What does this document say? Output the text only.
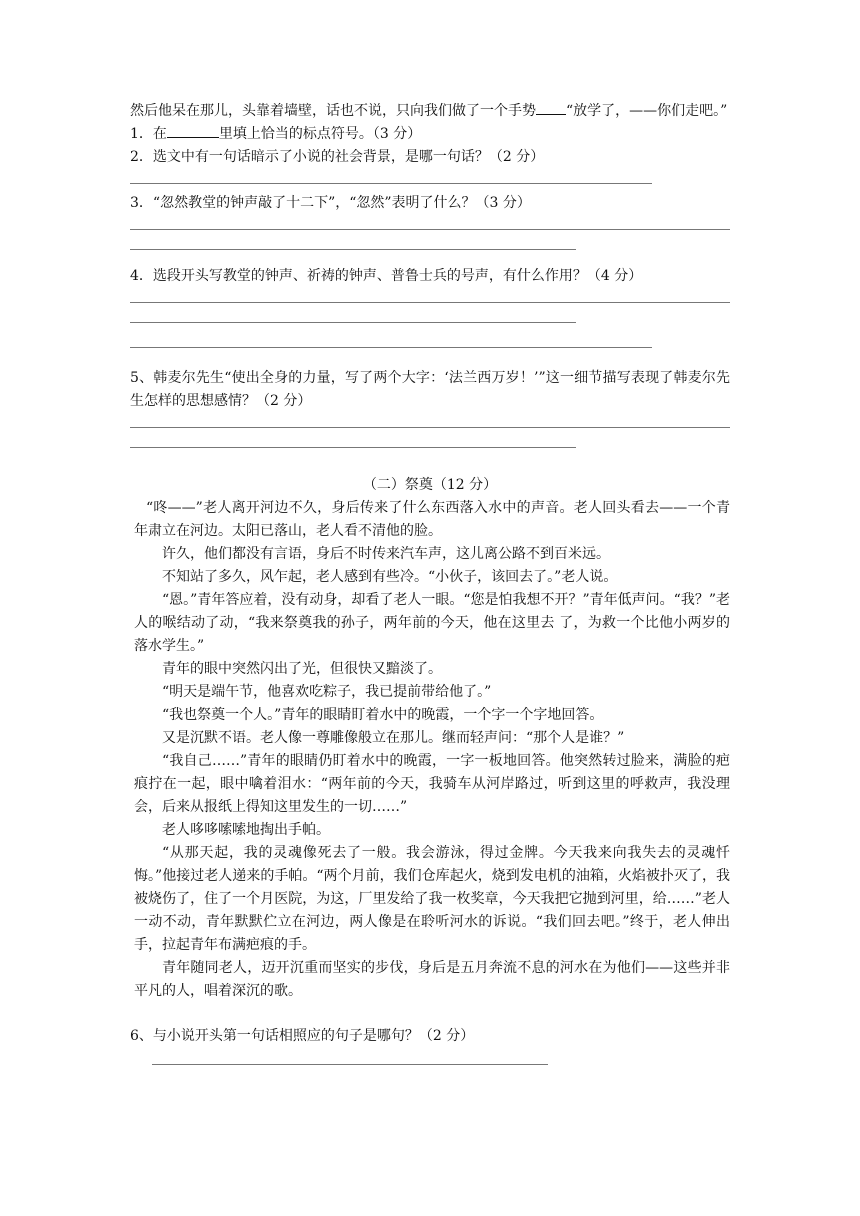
然后他呆在那儿，头靠着墙壁，话也不说，只向我们做了一个手势 “放学了，——你们走吧。”

1．在	里填上恰当的标点符号。（3 分）

2．选文中有一句话暗示了小说的社会背景，是哪一句话？（2 分）

3．“忽然教堂的钟声敲了十二下”，“忽然”表明了什么？（3 分）

4．选段开头写教堂的钟声、祈祷的钟声、普鲁士兵的号声，有什么作用？（4 分）

5、韩麦尔先生“使出全身的力量，写了两个大字：‘法兰西万岁！’”这一细节描写表现了韩麦尔先生怎样的思想感情？（2 分）

（二）祭奠（12 分）

“咚——”老人离开河边不久，身后传来了什么东西落入水中的声音。老人回头看去——一个青年肃立在河边。太阳已落山，老人看不清他的脸。

许久，他们都没有言语，身后不时传来汽车声，这儿离公路不到百米远。

不知站了多久，风乍起，老人感到有些冷。“小伙子，该回去了。”老人说。

“恩。”青年答应着，没有动身，却看了老人一眼。“您是怕我想不开？”青年低声问。“我？”老人的喉结动了动，“我来祭奠我的孙子，两年前的今天，他在这里去 了，为救一个比他小两岁的落水学生。”

青年的眼中突然闪出了光，但很快又黯淡了。

“明天是端午节，他喜欢吃粽子，我已提前带给他了。”

“我也祭奠一个人。”青年的眼睛盯着水中的晚霞，一个字一个字地回答。

又是沉默不语。老人像一尊雕像般立在那儿。继而轻声问：“那个人是谁？”

“我自己……”青年的眼睛仍盯着水中的晚霞，一字一板地回答。他突然转过脸来，满脸的疤痕拧在一起，眼中噙着泪水：“两年前的今天，我骑车从河岸路过，听到这里的呼救声，我没理会，后来从报纸上得知这里发生的一切……”

老人哆哆嗦嗦地掏出手帕。

“从那天起，我的灵魂像死去了一般。我会游泳，得过金牌。今天我来向我失去的灵魂忏悔。”他接过老人递来的手帕。“两个月前，我们仓库起火，烧到发电机的油箱，火焰被扑灭了，我被烧伤了，住了一个月医院，为这，厂里发给了我一枚奖章，今天我把它抛到河里，给……”老人一动不动，青年默默伫立在河边，两人像是在聆听河水的诉说。“我们回去吧。”终于，老人伸出手，拉起青年布满疤痕的手。

青年随同老人，迈开沉重而坚实的步伐，身后是五月奔流不息的河水在为他们——这些并非平凡的人，唱着深沉的歌。

6、与小说开头第一句话相照应的句子是哪句？（2 分）
